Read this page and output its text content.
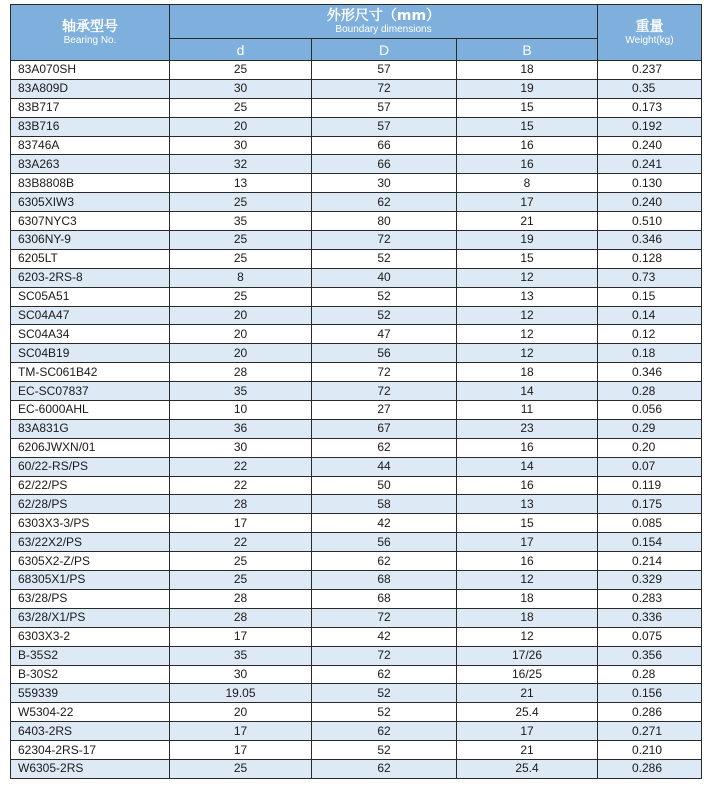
轴承型号
Bearing No.	外形尺寸（mm）
Boundary dimensions			重量
Weight(kg)

	d	D	B	
83A070SH	25	57	18	0.237
83A809D	30	72	19	0.35
83B717	25	57	15	0.173
83B716	20	57	15	0.192
83746A	30	66	16	0.240
83A263	32	66	16	0.241
83B8808B	13	30	8	0.130
6305XIW3	25	62	17	0.240
6307NYC3	35	80	21	0.510
6306NY-9	25	72	19	0.346
6205LT	25	52	15	0.128
6203-2RS-8	8	40	12	0.73
SC05A51	25	52	13	0.15
SC04A47	20	52	12	0.14
SC04A34	20	47	12	0.12
SC04B19	20	56	12	0.18
TM-SC061B42	28	72	18	0.346
EC-SC07837	35	72	14	0.28
EC-6000AHL	10	27	11	0.056
83A831G	36	67	23	0.29
6206JWXN/01	30	62	16	0.20
60/22-RS/PS	22	44	14	0.07
62/22/PS	22	50	16	0.119
62/28/PS	28	58	13	0.175
6303X3-3/PS	17	42	15	0.085
63/22X2/PS	22	56	17	0.154
6305X2-Z/PS	25	62	16	0.214
68305X1/PS	25	68	12	0.329
63/28/PS	28	68	18	0.283
63/28/X1/PS	28	72	18	0.336
6303X3-2	17	42	12	0.075
B-35S2	35	72	17/26	0.356
B-30S2	30	62	16/25	0.28
559339	19.05	52	21	0.156
W5304-22	20	52	25.4	0.286
6403-2RS	17	62	17	0.271
62304-2RS-17	17	52	21	0.210
W6305-2RS	25	62	25.4	0.286
